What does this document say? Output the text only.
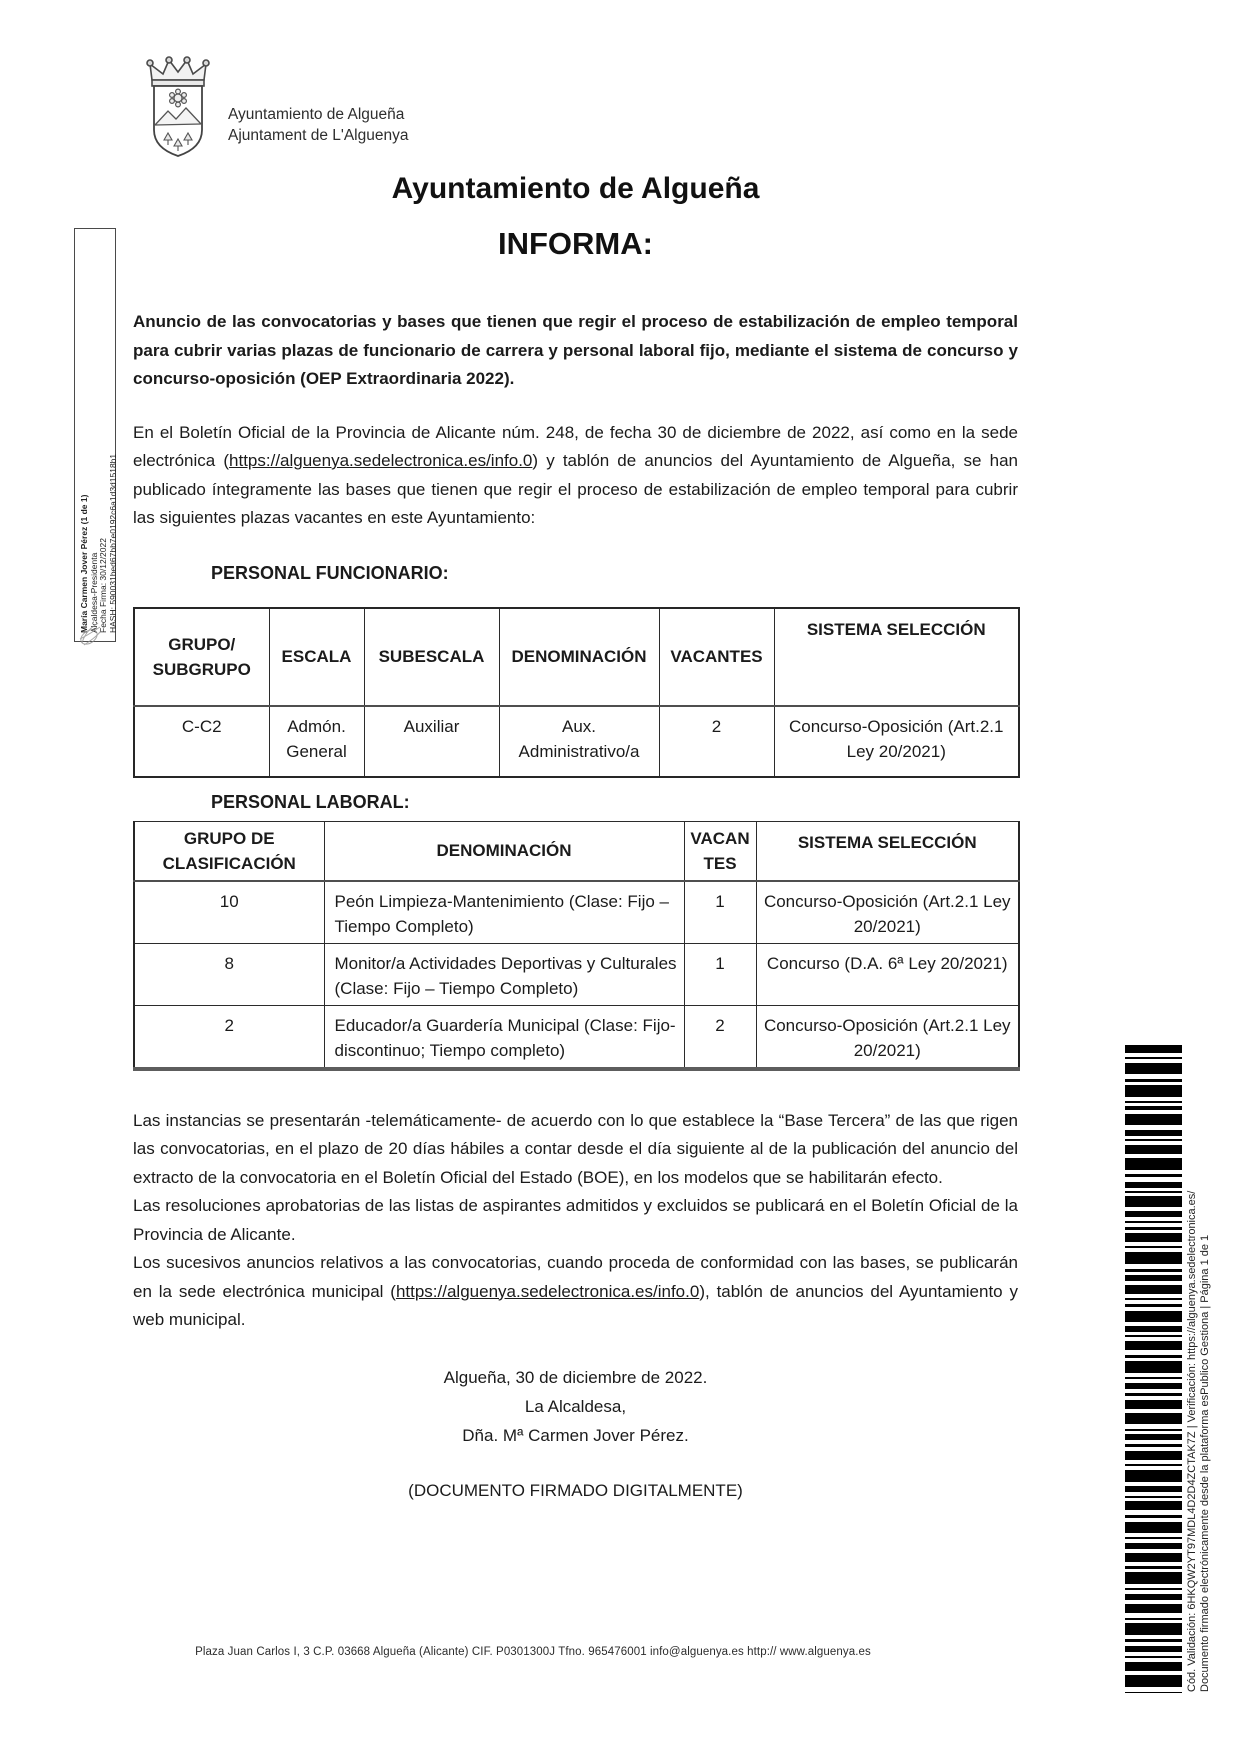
Ayuntamiento de Algueña
Ajuntament de L'Alguenya
Ayuntamiento de Algueña
INFORMA:
María Carmen Jover Pérez (1 de 1) Alcaldesa-Presidenta Fecha Firma: 30/12/2022 HASH: 590031bed67bb7e0192c6a1d3d1518b1

Anuncio de las convocatorias y bases que tienen que regir el proceso de estabilización de empleo temporal para cubrir varias plazas de funcionario de carrera y personal laboral fijo, mediante el sistema de concurso y concurso-oposición (OEP Extraordinaria 2022).

En el Boletín Oficial de la Provincia de Alicante núm. 248, de fecha 30 de diciembre de 2022, así como en la sede electrónica (https://alguenya.sedelectronica.es/info.0) y tablón de anuncios del Ayuntamiento de Algueña, se han publicado íntegramente las bases que tienen que regir el proceso de estabilización de empleo temporal para cubrir las siguientes plazas vacantes en este Ayuntamiento:

PERSONAL FUNCIONARIO:
GRUPO/ SUBGRUPO	ESCALA	SUBESCALA	DENOMINACIÓN	VACANTES	SISTEMA SELECCIÓN
C-C2	Admón. General	Auxiliar	Aux. Administrativo/a	2	Concurso-Oposición (Art.2.1 Ley 20/2021)
PERSONAL LABORAL:
GRUPO DE CLASIFICACIÓN	DENOMINACIÓN	VACANTES	SISTEMA SELECCIÓN
10	Peón Limpieza-Mantenimiento (Clase: Fijo – Tiempo Completo)	1	Concurso-Oposición (Art.2.1 Ley 20/2021)
8	Monitor/a Actividades Deportivas y Culturales (Clase: Fijo – Tiempo Completo)	1	Concurso (D.A. 6ª Ley 20/2021)
2	Educador/a Guardería Municipal (Clase: Fijo-discontinuo; Tiempo completo)	2	Concurso-Oposición (Art.2.1 Ley 20/2021)

Las instancias se presentarán -telemáticamente- de acuerdo con lo que establece la “Base Tercera” de las que rigen las convocatorias, en el plazo de 20 días hábiles a contar desde el día siguiente al de la publicación del anuncio del extracto de la convocatoria en el Boletín Oficial del Estado (BOE), en los modelos que se habilitarán efecto.

Las resoluciones aprobatorias de las listas de aspirantes admitidos y excluidos se publicará en el Boletín Oficial de la Provincia de Alicante.

Los sucesivos anuncios relativos a las convocatorias, cuando proceda de conformidad con las bases, se publicarán en la sede electrónica municipal (https://alguenya.sedelectronica.es/info.0), tablón de anuncios del Ayuntamiento y web municipal.

Algueña, 30 de diciembre de 2022.
La Alcaldesa,
Dña. Mª Carmen Jover Pérez.
(DOCUMENTO FIRMADO DIGITALMENTE)
Plaza Juan Carlos I, 3 C.P. 03668 Algueña (Alicante) CIF. P0301300J Tfno. 965476001 info@alguenya.es http:// www.alguenya.es	Cód. Validación: 6HKQW2YT97MDL4D2D4ZCTAK7Z | Verificación: https://alguenya.sedelectronica.es/ Documento firmado electrónicamente desde la plataforma esPublico Gestiona | Página 1 de 1
